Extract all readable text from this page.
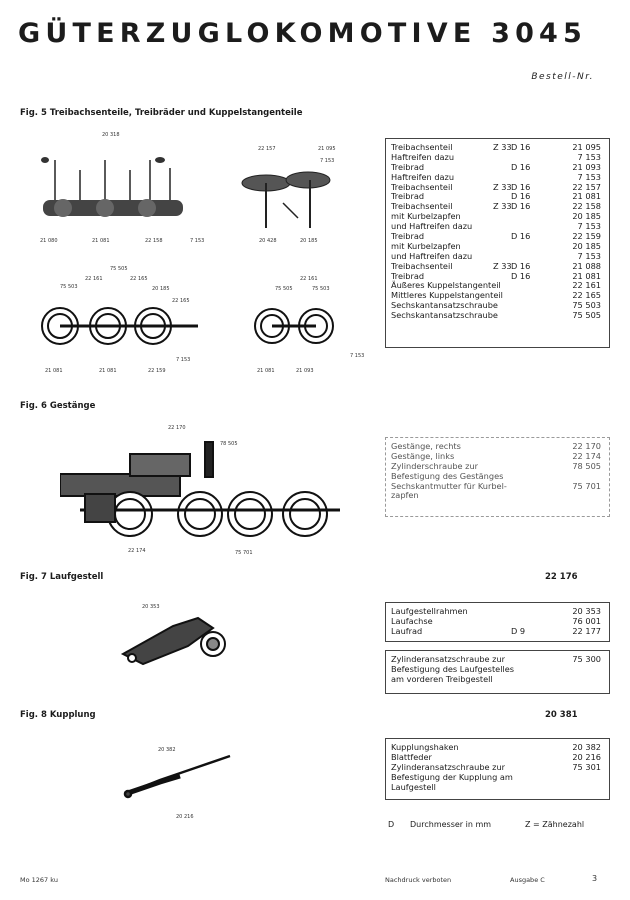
GÜTERZUGLOKOMOTIVE 3045
Bestell-Nr.
Fig. 5 Treibachsenteile, Treibräder und Kuppelstangenteile
20 318
21 080	21 081	22 158	7 153
22 157	21 095
7 153
20 428	20 185
75 505
22 161	22 165
75 503	20 185
22 165
21 081	21 081	22 159
7 153
22 161
75 505	75 503
21 081	21 093
7 153
Treibachsenteil	Z 33 D 16	21 095
Haftreifen dazu	7 153
Treibrad	D 16	21 093
Haftreifen dazu	7 153
Treibachsenteil	Z 33 D 16	22 157
Treibrad	D 16	21 081
Treibachsenteil	Z 33 D 16	22 158
mit Kurbelzapfen	20 185
und Haftreifen dazu	7 153
Treibrad	D 16	22 159
mit Kurbelzapfen	20 185
und Haftreifen dazu	7 153
Treibachsenteil	Z 33 D 16	21 088
Treibrad	D 16	21 081
Äußeres Kuppelstangenteil	22 161
Mittleres Kuppelstangenteil	22 165
Sechskantansatzschraube	75 503
Sechskantansatzschraube	75 505
Fig. 6 Gestänge
22 170
78 505
22 174	75 701
Gestänge, rechts	22 170
Gestänge, links	22 174
Zylinderschraube zur	78 505
Befestigung des Gestänges
Sechskantmutter für Kurbel-	75 701
zapfen
Fig. 7 Laufgestell	22 176
20 353	Laufgestellrahmen	20 353
Laufachse	76 001
Laufrad	D 9	22 177
Zylinderansatzschraube zur	75 300
Befestigung des Laufgestelles
am vorderen Treibgestell
Fig. 8 Kupplung	20 381
20 382
20 216
Kupplungshaken	20 382
Blattfeder	20 216
Zylinderansatzschraube zur	75 301
Befestigung der Kupplung am
Laufgestell
D Durchmesser in mm	Z = Zähnezahl
Mo 1267 ku	Nachdruck verboten	Ausgabe C	3
